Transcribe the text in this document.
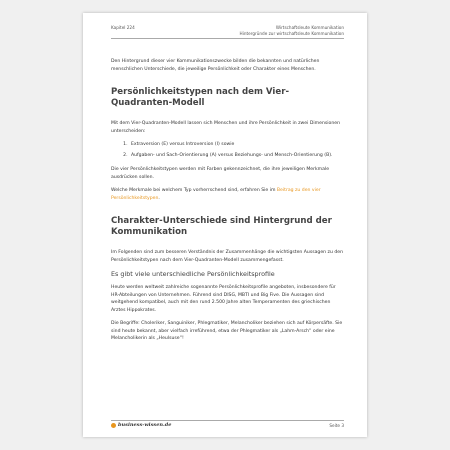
Kapitel 224	Wirtschaftsleute Kommunikation
Hintergründe zur wirtschaftsleute Kommunikation

Den Hintergrund dieser vier Kommunikationszwecke bilden die bekannten und natürlichen menschlichen Unterschiede, die jeweilige Persönlichkeit oder Charakter eines Menschen.

Persönlichkeitstypen nach dem Vier-Quadranten-Modell

Mit dem Vier-Quadranten-Modell lassen sich Menschen und ihre Persönlichkeit in zwei Dimensionen unterscheiden:

1. Extraversion (E) versus Introversion (I) sowie
2. Aufgaben- und Sach-Orientierung (A) versus Beziehungs- und Mensch-Orientierung (B).

Die vier Persönlichkeitstypen werden mit Farben gekennzeichnet, die ihre jeweiligen Merkmale ausdrücken sollen.

Welche Merkmale bei welchem Typ vorherrschend sind, erfahren Sie im Beitrag zu den vier Persönlichkeitstypen.

Charakter-Unterschiede sind Hintergrund der Kommunikation

Im Folgenden sind zum besseren Verständnis der Zusammenhänge die wichtigsten Aussagen zu den Persönlichkeitstypen nach dem Vier-Quadranten-Modell zusammengefasst.

Es gibt viele unterschiedliche Persönlichkeitsprofile

Heute werden weltweit zahlreiche sogenannte Persönlichkeitsprofile angeboten, insbesondere für HR-Abteilungen von Unternehmen. Führend sind DISG, MBTI und Big Five. Die Aussagen sind weitgehend kompatibel, auch mit den rund 2.500 Jahre alten Temperamenten des griechischen Arztes Hippokrates.

Die Begriffe: Choleriker, Sanguiniker, Phlegmatiker, Melancholiker beziehen sich auf Körpersäfte. Sie sind heute bekannt, aber vielfach irreführend, etwa der Phlegmatiker als „Lahm-Arsch“ oder eine Melancholikerin als „Heulsuse“!

business-wissen.de	Seite 3
